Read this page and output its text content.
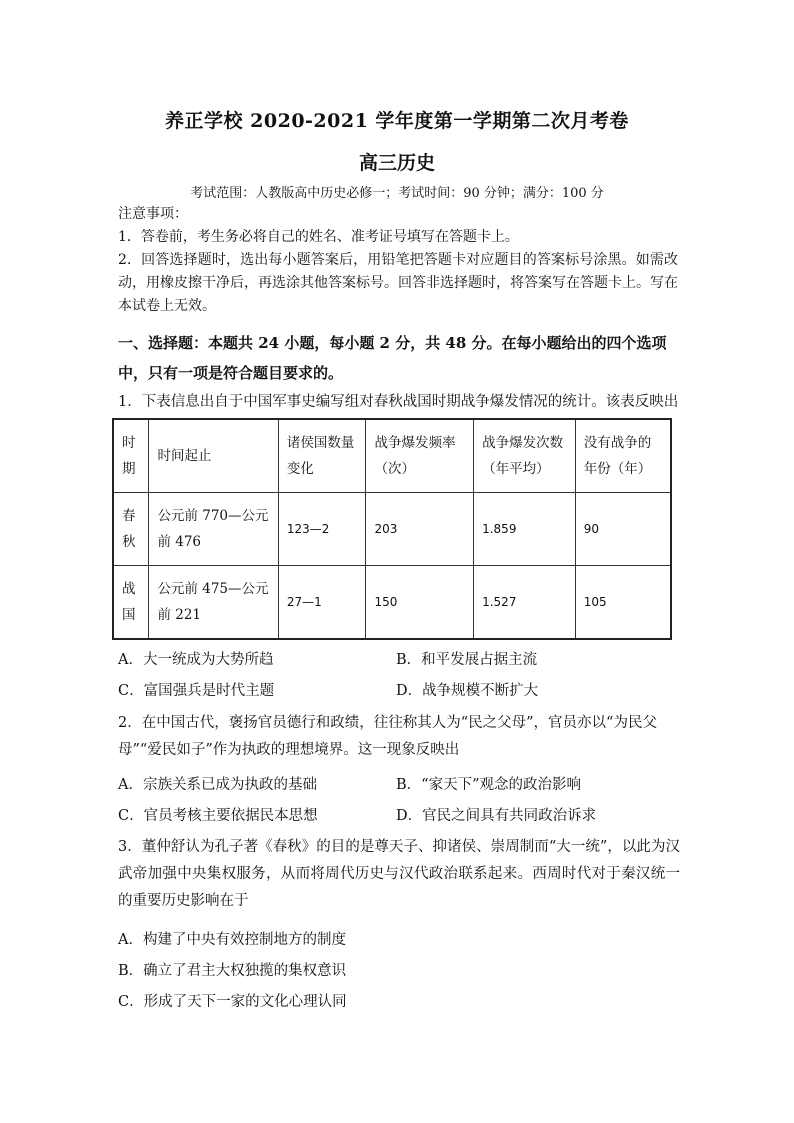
养正学校 2020-2021 学年度第一学期第二次月考卷
高三历史
考试范围：人教版高中历史必修一；考试时间：90 分钟；满分：100 分
注意事项：
1．答卷前，考生务必将自己的姓名、准考证号填写在答题卡上。
2．回答选择题时，选出每小题答案后，用铅笔把答题卡对应题目的答案标号涂黑。如需改动，用橡皮擦干净后，再选涂其他答案标号。回答非选择题时，将答案写在答题卡上。写在本试卷上无效。
一、选择题：本题共 24 小题，每小题 2 分，共 48 分。在每小题给出的四个选项中，只有一项是符合题目要求的。
1．下表信息出自于中国军事史编写组对春秋战国时期战争爆发情况的统计。该表反映出
时期	时间起止	诸侯国数量变化	战争爆发频率（次）	战争爆发次数（年平均）	没有战争的年份（年）
春秋	公元前 770—公元前 476	123—2	203	1.859	90
战国	公元前 475—公元前 221	27—1	150	1.527	105
A．大一统成为大势所趋	B．和平发展占据主流
C．富国强兵是时代主题	D．战争规模不断扩大
2．在中国古代，褒扬官员德行和政绩，往往称其人为“民之父母”，官员亦以“为民父母”“爱民如子”作为执政的理想境界。这一现象反映出
A．宗族关系已成为执政的基础	B．“家天下”观念的政治影响
C．官员考核主要依据民本思想	D．官民之间具有共同政治诉求
3．董仲舒认为孔子著《春秋》的目的是尊天子、抑诸侯、崇周制而“大一统”，以此为汉武帝加强中央集权服务，从而将周代历史与汉代政治联系起来。西周时代对于秦汉统一的重要历史影响在于
A．构建了中央有效控制地方的制度
B．确立了君主大权独揽的集权意识
C．形成了天下一家的文化心理认同
